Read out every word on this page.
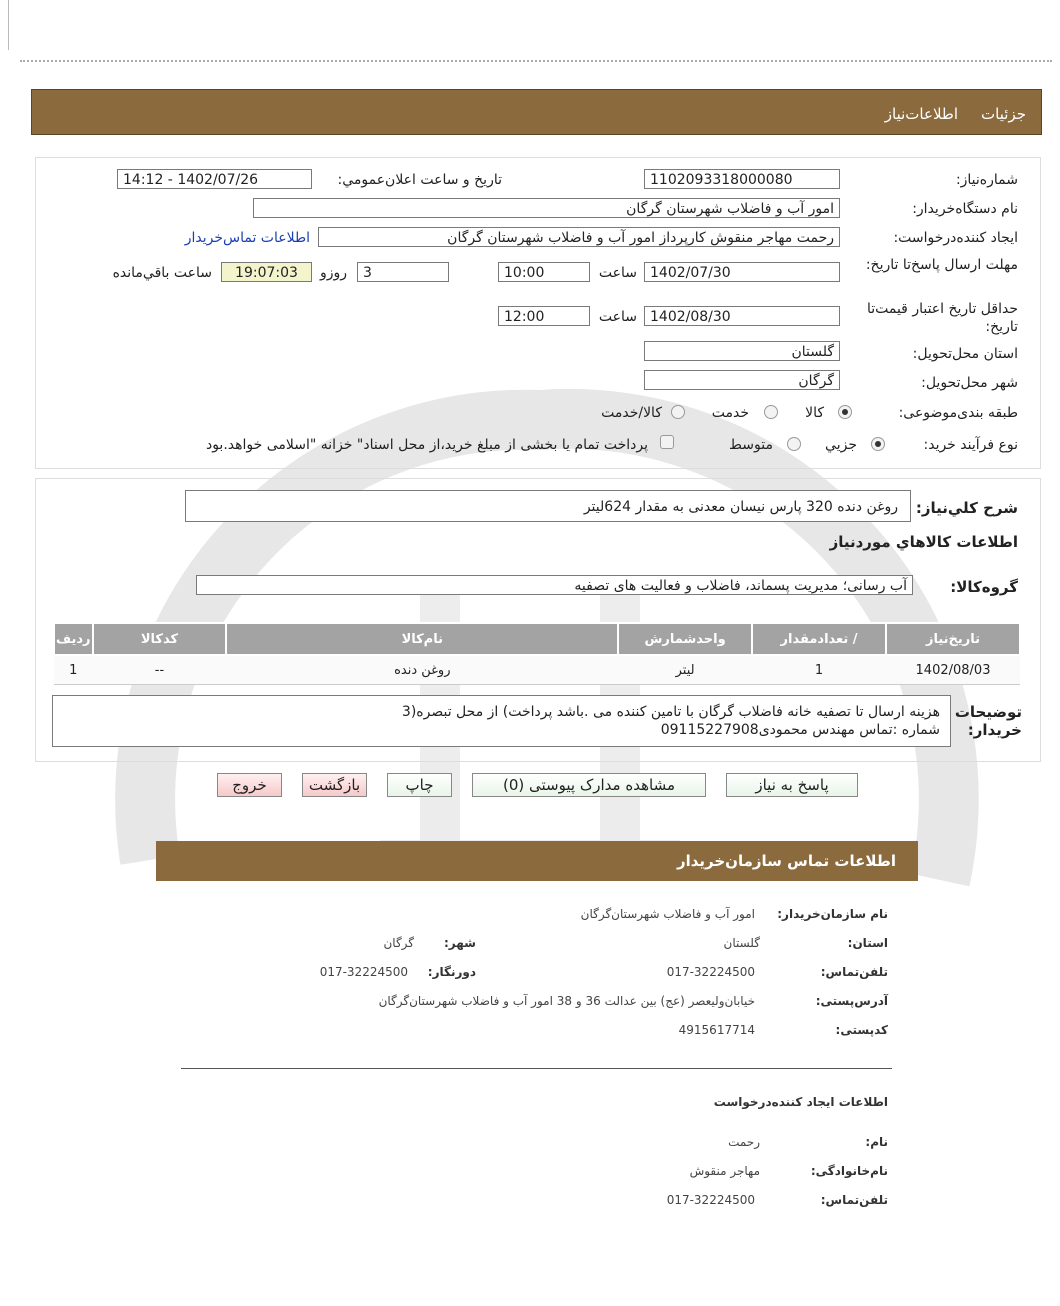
جزئیات
اطلاعات‌نیاز
شماره‌نیاز:
1102093318000080
تاريخ و ساعت اعلان‌عمومي:
1402/07/26 - 14:12
نام دستگاه‌خريدار:
امور آب و فاضلاب شهرستان گرگان
ايجاد کننده‌درخواست:
رحمت مهاجر منقوش کارپرداز امور آب و فاضلاب شهرستان گرگان
اطلاعات تماس‌خريدار
مهلت ارسال پاسخ‌تا تاریخ:
1402/07/30
ساعت
10:00
3
روزو
19:07:03
ساعت باقي‌مانده
حداقل تاريخ اعتبار قيمت‌تا تاريخ:
1402/08/30
ساعت
12:00
استان محل‌تحويل:
گلستان
شهر محل‌تحويل:
گرگان
طبقه بندی‌موضوعی:
كالا
خدمت
كالا/خدمت
نوع فرآيند خريد:
جزيي
متوسط
پرداخت تمام يا بخشی از مبلغ خريد،از محل اسناد" خزانه "اسلامی خواهد.بود
شرح کلي‌نياز:
روغن دنده 320 پارس نيسان معدنی به مقدار 624ليتر
اطلاعات کالاهاي موردنياز
گروه‌کالا:
آب رسانی؛ مديريت پسماند، فاضلاب و فعاليت های تصفيه
رديف	کدکالا	نام‌کالا	واحدشمارش	تعدادمقدار /	تاريخ‌نياز
1	--	روغن دنده	ليتر	1	1402/08/03
توضيحات خريدار:
هزينه ارسال تا تصفيه خانه فاضلاب گرگان با تامين كننده می .باشد پرداخت) از محل تبصره(3
شماره :تماس مهندس محمودی09115227908
پاسخ به نياز
مشاهده مدارک پيوستی (0)
چاپ
بازگشت
خروج
اطلاعات تماس سازمان‌خريدار
نام سازمان‌خريدار:
امور آب و فاضلاب شهرستان‌گرگان
استان:
گلستان
شهر:
گرگان
تلفن‌تماس:
017-32224500
دورنگار:
017-32224500
آدرس‌پستی:
خيابان‌وليعصر (عج) بين عدالت 36 و 38 امور آب و فاضلاب شهرستان‌گرگان
کد‌پستی:
4915617714
اطلاعات ايجاد كننده‌درخواست
نام:
رحمت
نام‌خانوادگی:
مهاجر منقوش
تلفن‌تماس:
017-32224500
